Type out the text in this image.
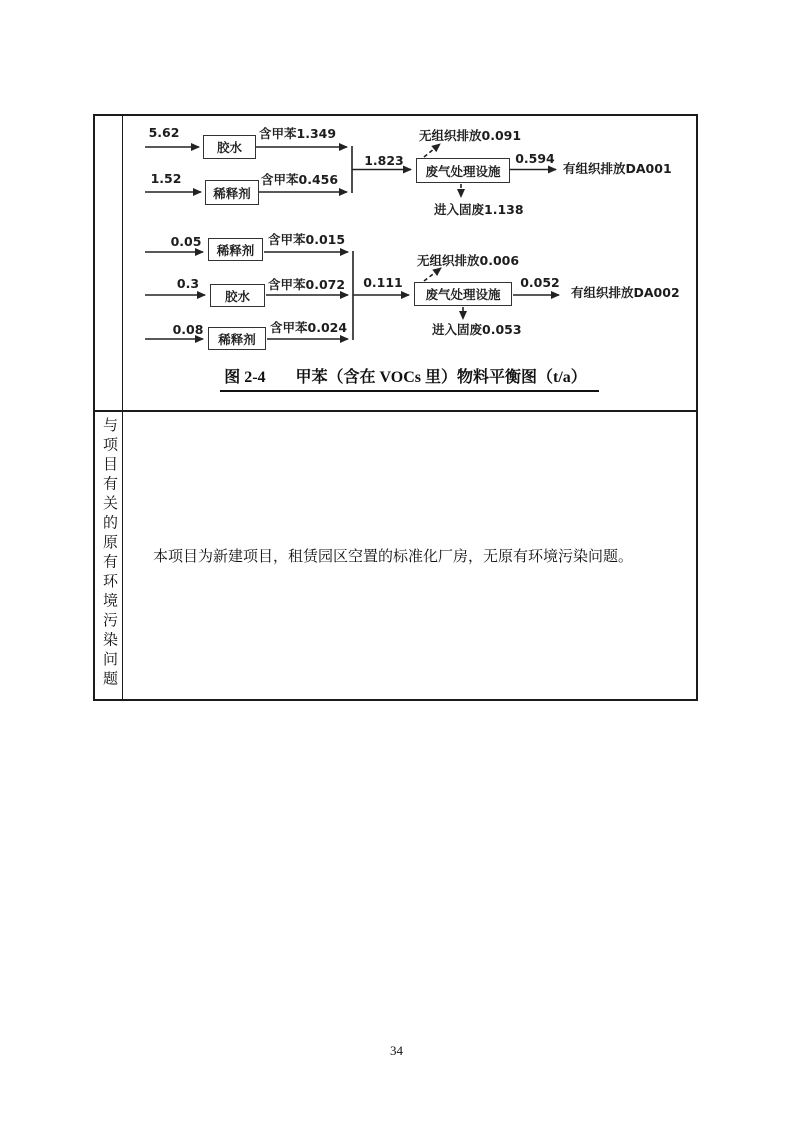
5.62
胶水
含甲苯1.349
1.52
稀释剂
含甲苯0.456
1.823
废气处理设施
无组织排放0.091
0.594
有组织排放DA001
进入固废1.138
0.05
稀释剂
含甲苯0.015
0.3
胶水
含甲苯0.072
0.08
稀释剂
含甲苯0.024
0.111
废气处理设施
无组织排放0.006
0.052
有组织排放DA002
进入固废0.053
图 2-4 甲苯（含在 VOCs 里）物料平衡图（t/a）
与项目有关的原有环境污染问题 本项目为新建项目，租赁园区空置的标准化厂房，无原有环境污染问题。
34
